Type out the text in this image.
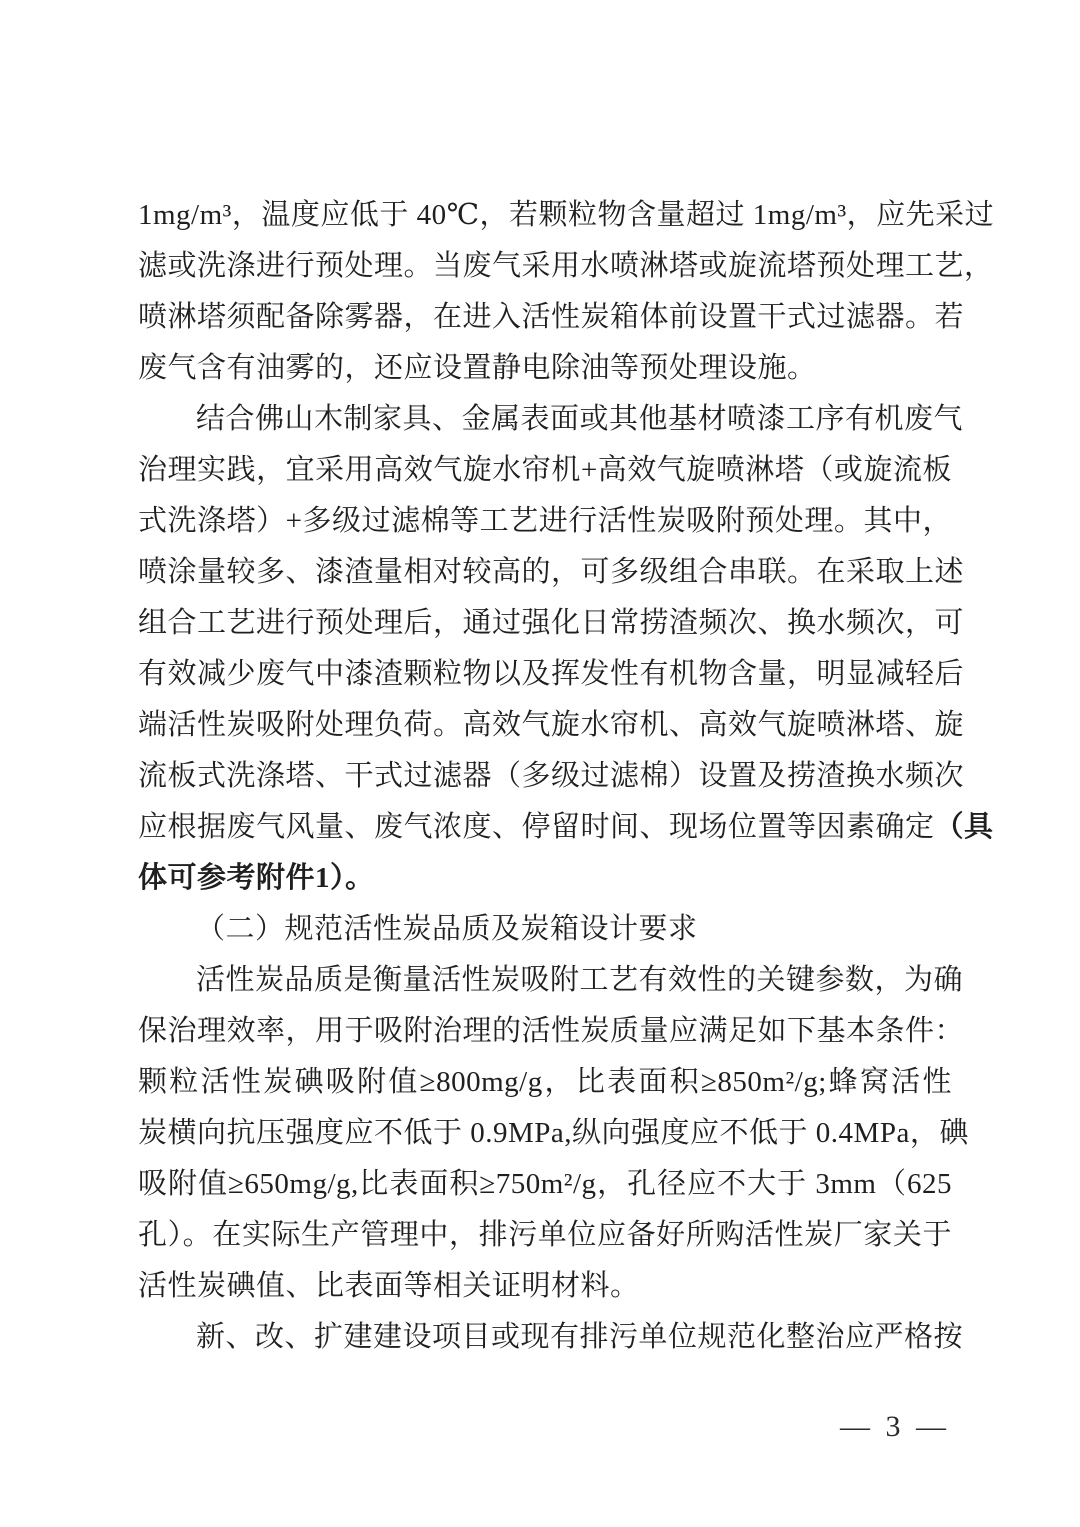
1mg/m³，温度应低于 40℃，若颗粒物含量超过 1mg/m³，应先采过
滤或洗涤进行预处理。当废气采用水喷淋塔或旋流塔预处理工艺，
喷淋塔须配备除雾器，在进入活性炭箱体前设置干式过滤器。若
废气含有油雾的，还应设置静电除油等预处理设施。
结合佛山木制家具、金属表面或其他基材喷漆工序有机废气
治理实践，宜采用高效气旋水帘机+高效气旋喷淋塔（或旋流板
式洗涤塔）+多级过滤棉等工艺进行活性炭吸附预处理。其中，
喷涂量较多、漆渣量相对较高的，可多级组合串联。在采取上述
组合工艺进行预处理后，通过强化日常捞渣频次、换水频次，可
有效减少废气中漆渣颗粒物以及挥发性有机物含量，明显减轻后
端活性炭吸附处理负荷。高效气旋水帘机、高效气旋喷淋塔、旋
流板式洗涤塔、干式过滤器（多级过滤棉）设置及捞渣换水频次
应根据废气风量、废气浓度、停留时间、现场位置等因素确定（具
体可参考附件1）。
（二）规范活性炭品质及炭箱设计要求
活性炭品质是衡量活性炭吸附工艺有效性的关键参数，为确
保治理效率，用于吸附治理的活性炭质量应满足如下基本条件：
颗粒活性炭碘吸附值≥800mg/g，比表面积≥850m²/g;蜂窝活性
炭横向抗压强度应不低于 0.9MPa,纵向强度应不低于 0.4MPa，碘
吸附值≥650mg/g,比表面积≥750m²/g，孔径应不大于 3mm（625
孔）。在实际生产管理中，排污单位应备好所购活性炭厂家关于
活性炭碘值、比表面等相关证明材料。
新、改、扩建建设项目或现有排污单位规范化整治应严格按
— 3 —
